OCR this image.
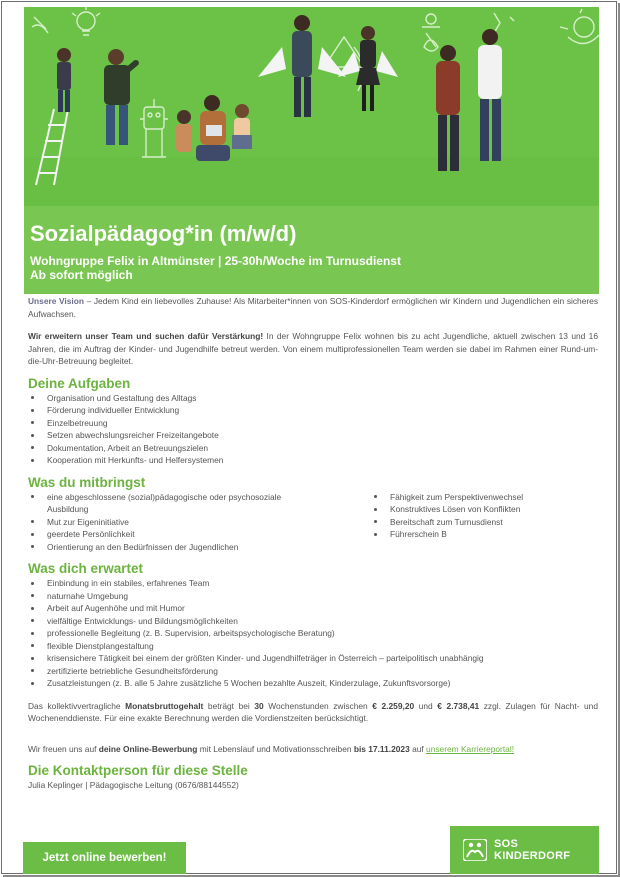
Sozialpädagog*in (m/w/d)
Wohngruppe Felix in Altmünster | 25-30h/Woche im Turnusdienst
Ab sofort möglich

Unsere Vision – Jedem Kind ein liebevolles Zuhause! Als Mitarbeiter*innen von SOS-Kinderdorf ermöglichen wir Kindern und Jugendlichen ein sicheres Aufwachsen.

Wir erweitern unser Team und suchen dafür Verstärkung! In der Wohngruppe Felix wohnen bis zu acht Jugendliche, aktuell zwischen 13 und 16 Jahren, die im Auftrag der Kinder- und Jugendhilfe betreut werden. Von einem multiprofessionellen Team werden sie dabei im Rahmen einer Rund-um-die-Uhr-Betreuung begleitet.

Deine Aufgaben
Organisation und Gestaltung des Alltags
Förderung individueller Entwicklung
Einzelbetreuung
Setzen abwechslungsreicher Freizeitangebote
Dokumentation, Arbeit an Betreuungszielen
Kooperation mit Herkunfts- und Helfersystemen
Was du mitbringst
eine abgeschlossene (sozial)pädagogische oder psychosoziale Ausbildung
Mut zur Eigeninitiative
geerdete Persönlichkeit
Orientierung an den Bedürfnissen der Jugendlichen
Fähigkeit zum Perspektivenwechsel
Konstruktives Lösen von Konflikten
Bereitschaft zum Turnusdienst
Führerschein B
Was dich erwartet
Einbindung in ein stabiles, erfahrenes Team
naturnahe Umgebung
Arbeit auf Augenhöhe und mit Humor
vielfältige Entwicklungs- und Bildungsmöglichkeiten
professionelle Begleitung (z. B. Supervision, arbeitspsychologische Beratung)
flexible Dienstplangestaltung
krisensichere Tätigkeit bei einem der größten Kinder- und Jugendhilfeträger in Österreich – parteipolitisch unabhängig
zertifizierte betriebliche Gesundheitsförderung
Zusatzleistungen (z. B. alle 5 Jahre zusätzliche 5 Wochen bezahlte Auszeit, Kinderzulage, Zukunftsvorsorge)

Das kollektivvertragliche Monatsbruttogehalt beträgt bei 30 Wochenstunden zwischen € 2.259,20 und € 2.738,41 zzgl. Zulagen für Nacht- und Wochenenddienste. Für eine exakte Berechnung werden die Vordienstzeiten berücksichtigt.

Wir freuen uns auf deine Online-Bewerbung mit Lebenslauf und Motivationsschreiben bis 17.11.2023 auf unserem Karriereportal!

Die Kontaktperson für diese Stelle
Julia Keplinger | Pädagogische Leitung (0676/88144552)
Jetzt online bewerben!
SOS
KINDERDORF
